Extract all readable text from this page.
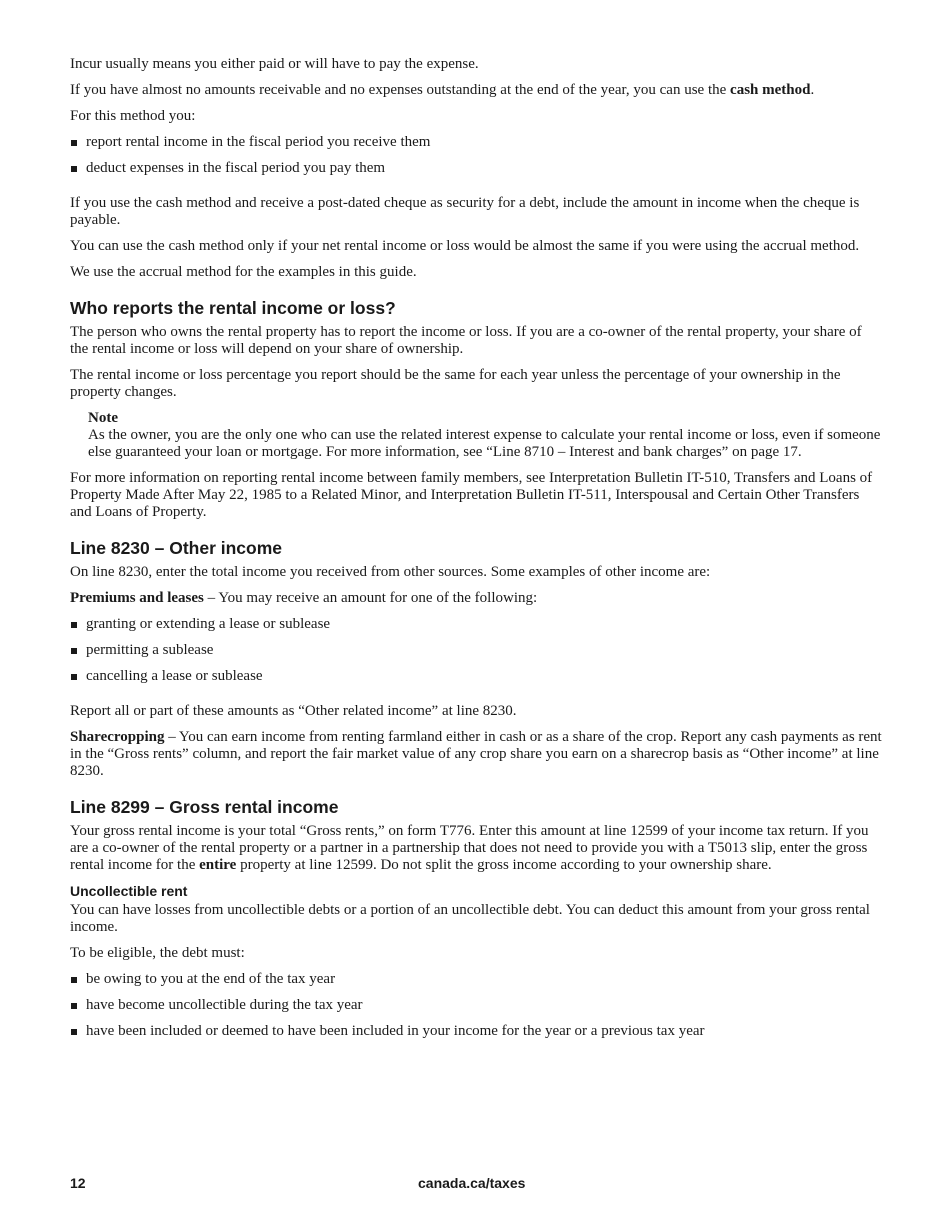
Incur usually means you either paid or will have to pay the expense.

If you have almost no amounts receivable and no expenses outstanding at the end of the year, you can use the cash method.

For this method you:

report rental income in the fiscal period you receive them
deduct expenses in the fiscal period you pay them

If you use the cash method and receive a post-dated cheque as security for a debt, include the amount in income when the cheque is payable.

You can use the cash method only if your net rental income or loss would be almost the same if you were using the accrual method.

We use the accrual method for the examples in this guide.

Who reports the rental income or loss?

The person who owns the rental property has to report the income or loss. If you are a co-owner of the rental property, your share of the rental income or loss will depend on your share of ownership.

The rental income or loss percentage you report should be the same for each year unless the percentage of your ownership in the property changes.

Note
As the owner, you are the only one who can use the related interest expense to calculate your rental income or loss, even if someone else guaranteed your loan or mortgage. For more information, see “Line 8710 – Interest and bank charges” on page 17.

For more information on reporting rental income between family members, see Interpretation Bulletin IT-510, Transfers and Loans of Property Made After May 22, 1985 to a Related Minor, and Interpretation Bulletin IT-511, Interspousal and Certain Other Transfers and Loans of Property.

Line 8230 – Other income

On line 8230, enter the total income you received from other sources. Some examples of other income are:

Premiums and leases – You may receive an amount for one of the following:

granting or extending a lease or sublease
permitting a sublease
cancelling a lease or sublease

Report all or part of these amounts as “Other related income” at line 8230.

Sharecropping – You can earn income from renting farmland either in cash or as a share of the crop. Report any cash payments as rent in the “Gross rents” column, and report the fair market value of any crop share you earn on a sharecrop basis as “Other income” at line 8230.

Line 8299 – Gross rental income

Your gross rental income is your total “Gross rents,” on form T776. Enter this amount at line 12599 of your income tax return. If you are a co-owner of the rental property or a partner in a partnership that does not need to provide you with a T5013 slip, enter the gross rental income for the entire property at line 12599. Do not split the gross income according to your ownership share.

Uncollectible rent

You can have losses from uncollectible debts or a portion of an uncollectible debt. You can deduct this amount from your gross rental income.

To be eligible, the debt must:

be owing to you at the end of the tax year
have become uncollectible during the tax year
have been included or deemed to have been included in your income for the year or a previous tax year
12	canada.ca/taxes
